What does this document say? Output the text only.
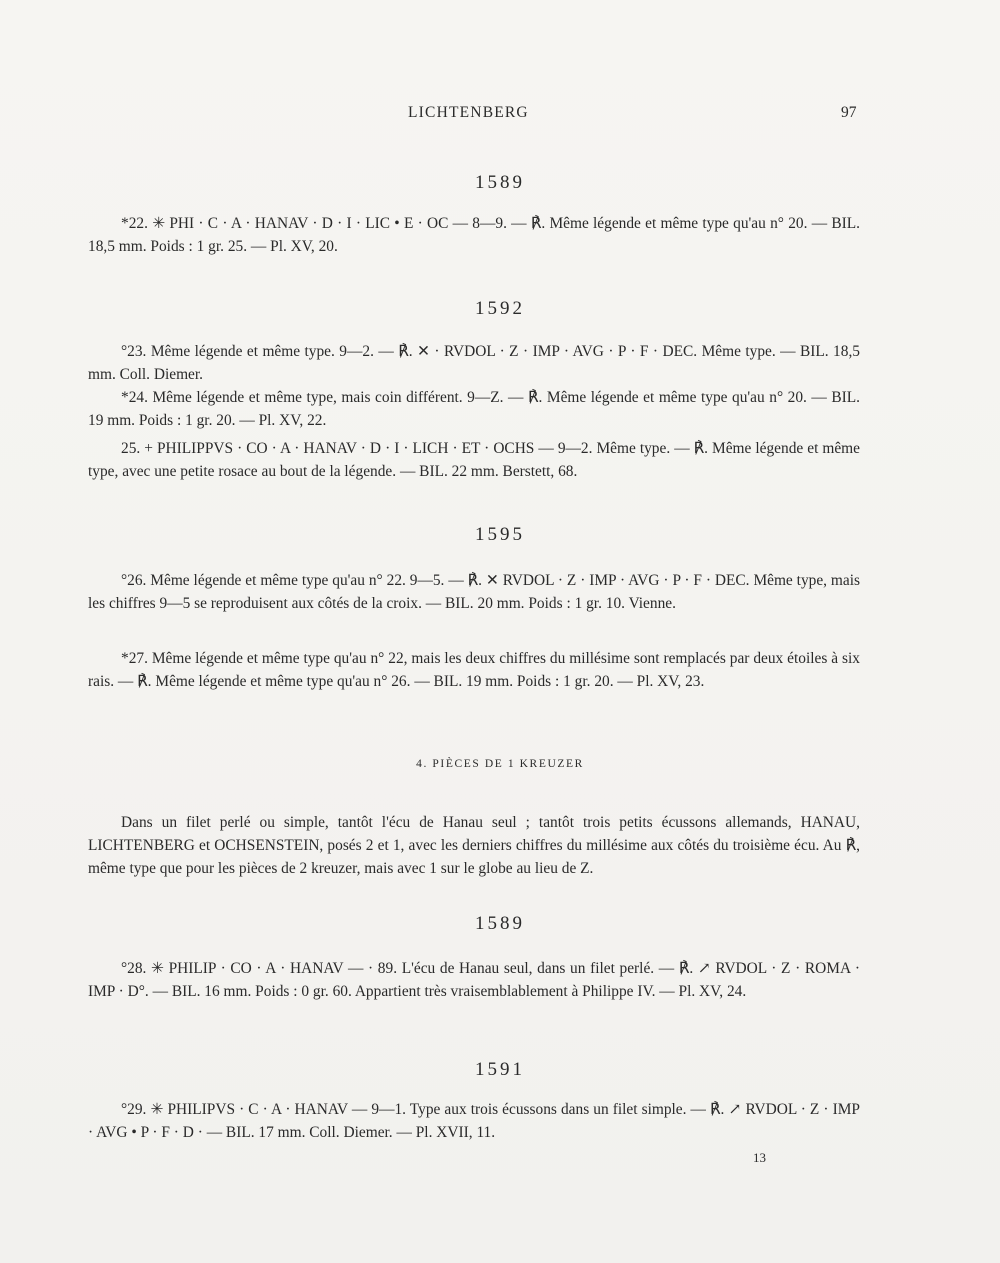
LICHTENBERG	97
1589
*22. ✳ PHI · C · A · HANAV · D · I · LIC • E · OC — 8—9. — ℟. Même légende et même type qu'au n° 20. — BIL. 18,5 mm. Poids : 1 gr. 25. — Pl. XV, 20.
1592
°23. Même légende et même type. 9—2. — ℟. ✕ · RVDOL · Z · IMP · AVG · P · F · DEC. Même type. — BIL. 18,5 mm. Coll. Diemer.
*24. Même légende et même type, mais coin différent. 9—Z. — ℟. Même légende et même type qu'au n° 20. — BIL. 19 mm. Poids : 1 gr. 20. — Pl. XV, 22.
25. + PHILIPPVS · CO · A · HANAV · D · I · LICH · ET · OCHS — 9—2. Même type. — ℟. Même légende et même type, avec une petite rosace au bout de la légende. — BIL. 22 mm. Berstett, 68.
1595
°26. Même légende et même type qu'au n° 22. 9—5. — ℟. ✕ RVDOL · Z · IMP · AVG · P · F · DEC. Même type, mais les chiffres 9—5 se reproduisent aux côtés de la croix. — BIL. 20 mm. Poids : 1 gr. 10. Vienne.
*27. Même légende et même type qu'au n° 22, mais les deux chiffres du millésime sont remplacés par deux étoiles à six rais. — ℟. Même légende et même type qu'au n° 26. — BIL. 19 mm. Poids : 1 gr. 20. — Pl. XV, 23.
4. PIÈCES DE 1 KREUZER
Dans un filet perlé ou simple, tantôt l'écu de Hanau seul ; tantôt trois petits écussons allemands, HANAU, LICHTENBERG et OCHSENSTEIN, posés 2 et 1, avec les derniers chiffres du millésime aux côtés du troisième écu. Au ℟, même type que pour les pièces de 2 kreuzer, mais avec 1 sur le globe au lieu de Z.
1589
°28. ✳ PHILIP · CO · A · HANAV — · 89. L'écu de Hanau seul, dans un filet perlé. — ℟. ↗ RVDOL · Z · ROMA · IMP · D°. — BIL. 16 mm. Poids : 0 gr. 60. Appartient très vraisemblablement à Philippe IV. — Pl. XV, 24.
1591
°29. ✳ PHILIPVS · C · A · HANAV — 9—1. Type aux trois écussons dans un filet simple. — ℟. ↗ RVDOL · Z · IMP · AVG • P · F · D · — BIL. 17 mm. Coll. Diemer. — Pl. XVII, 11.
13
